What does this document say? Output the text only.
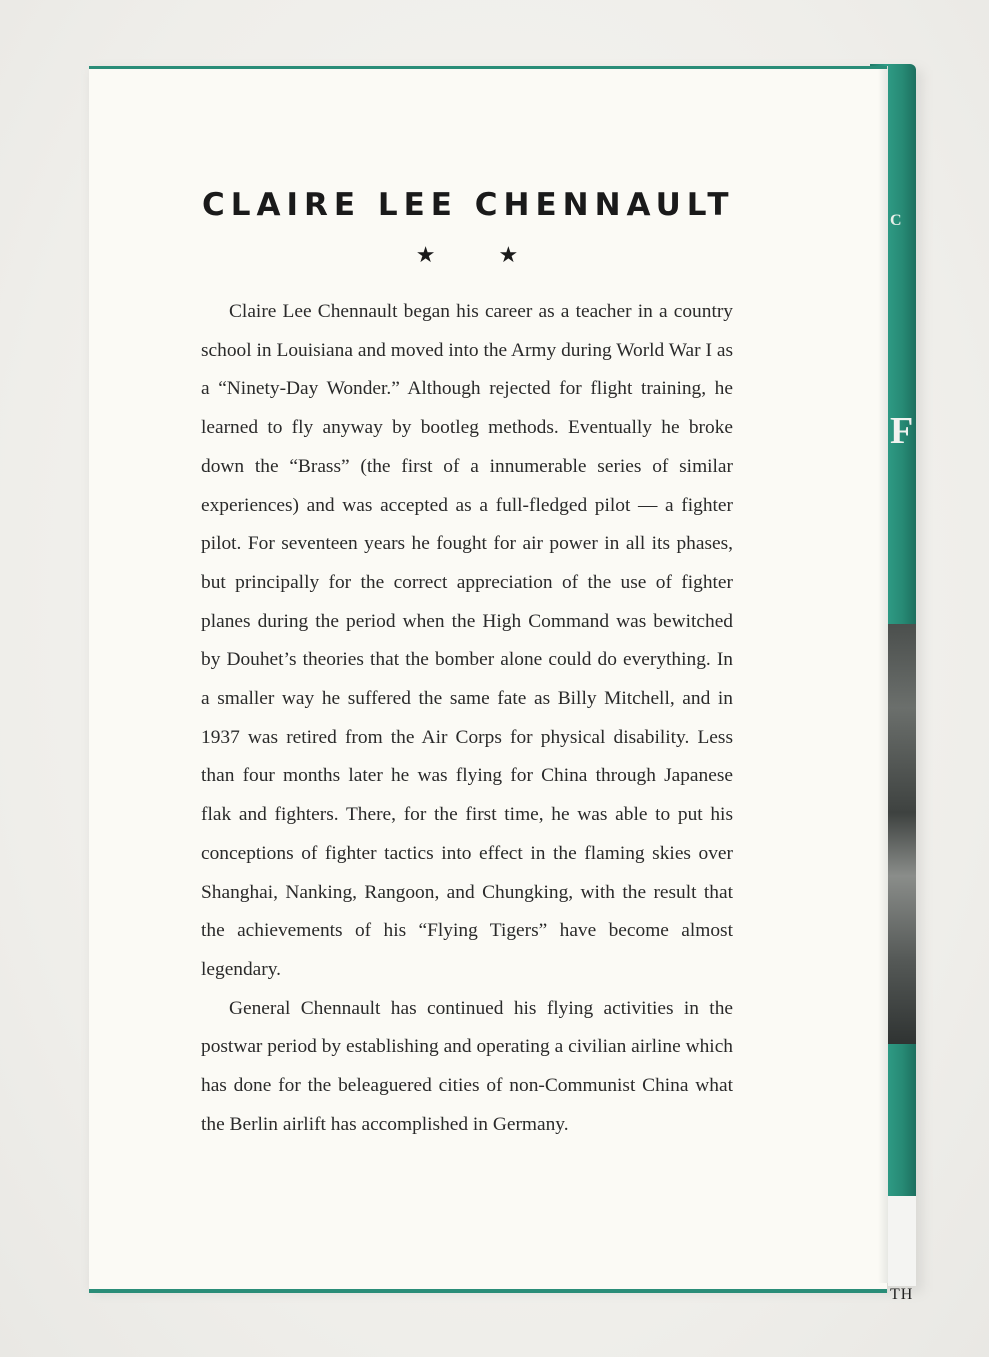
C
F
TH
CLAIRE LEE CHENNAULT
★ ★

Claire Lee Chennault began his career as a teacher in a country school in Louisiana and moved into the Army during World War I as a “Ninety-Day Wonder.” Although rejected for flight training, he learned to fly anyway by bootleg methods. Eventually he broke down the “Brass” (the first of a innumerable series of similar experiences) and was accepted as a full-fledged pilot — a fighter pilot. For seventeen years he fought for air power in all its phases, but principally for the correct appreciation of the use of fighter planes during the period when the High Command was bewitched by Douhet’s theories that the bomber alone could do everything. In a smaller way he suffered the same fate as Billy Mitchell, and in 1937 was retired from the Air Corps for physical disability. Less than four months later he was flying for China through Japanese flak and fighters. There, for the first time, he was able to put his conceptions of fighter tactics into effect in the flaming skies over Shanghai, Nanking, Rangoon, and Chungking, with the result that the achievements of his “Flying Tigers” have become almost legendary.

General Chennault has continued his flying activities in the postwar period by establishing and operating a civilian airline which has done for the beleaguered cities of non-Communist China what the Berlin airlift has accomplished in Germany.
